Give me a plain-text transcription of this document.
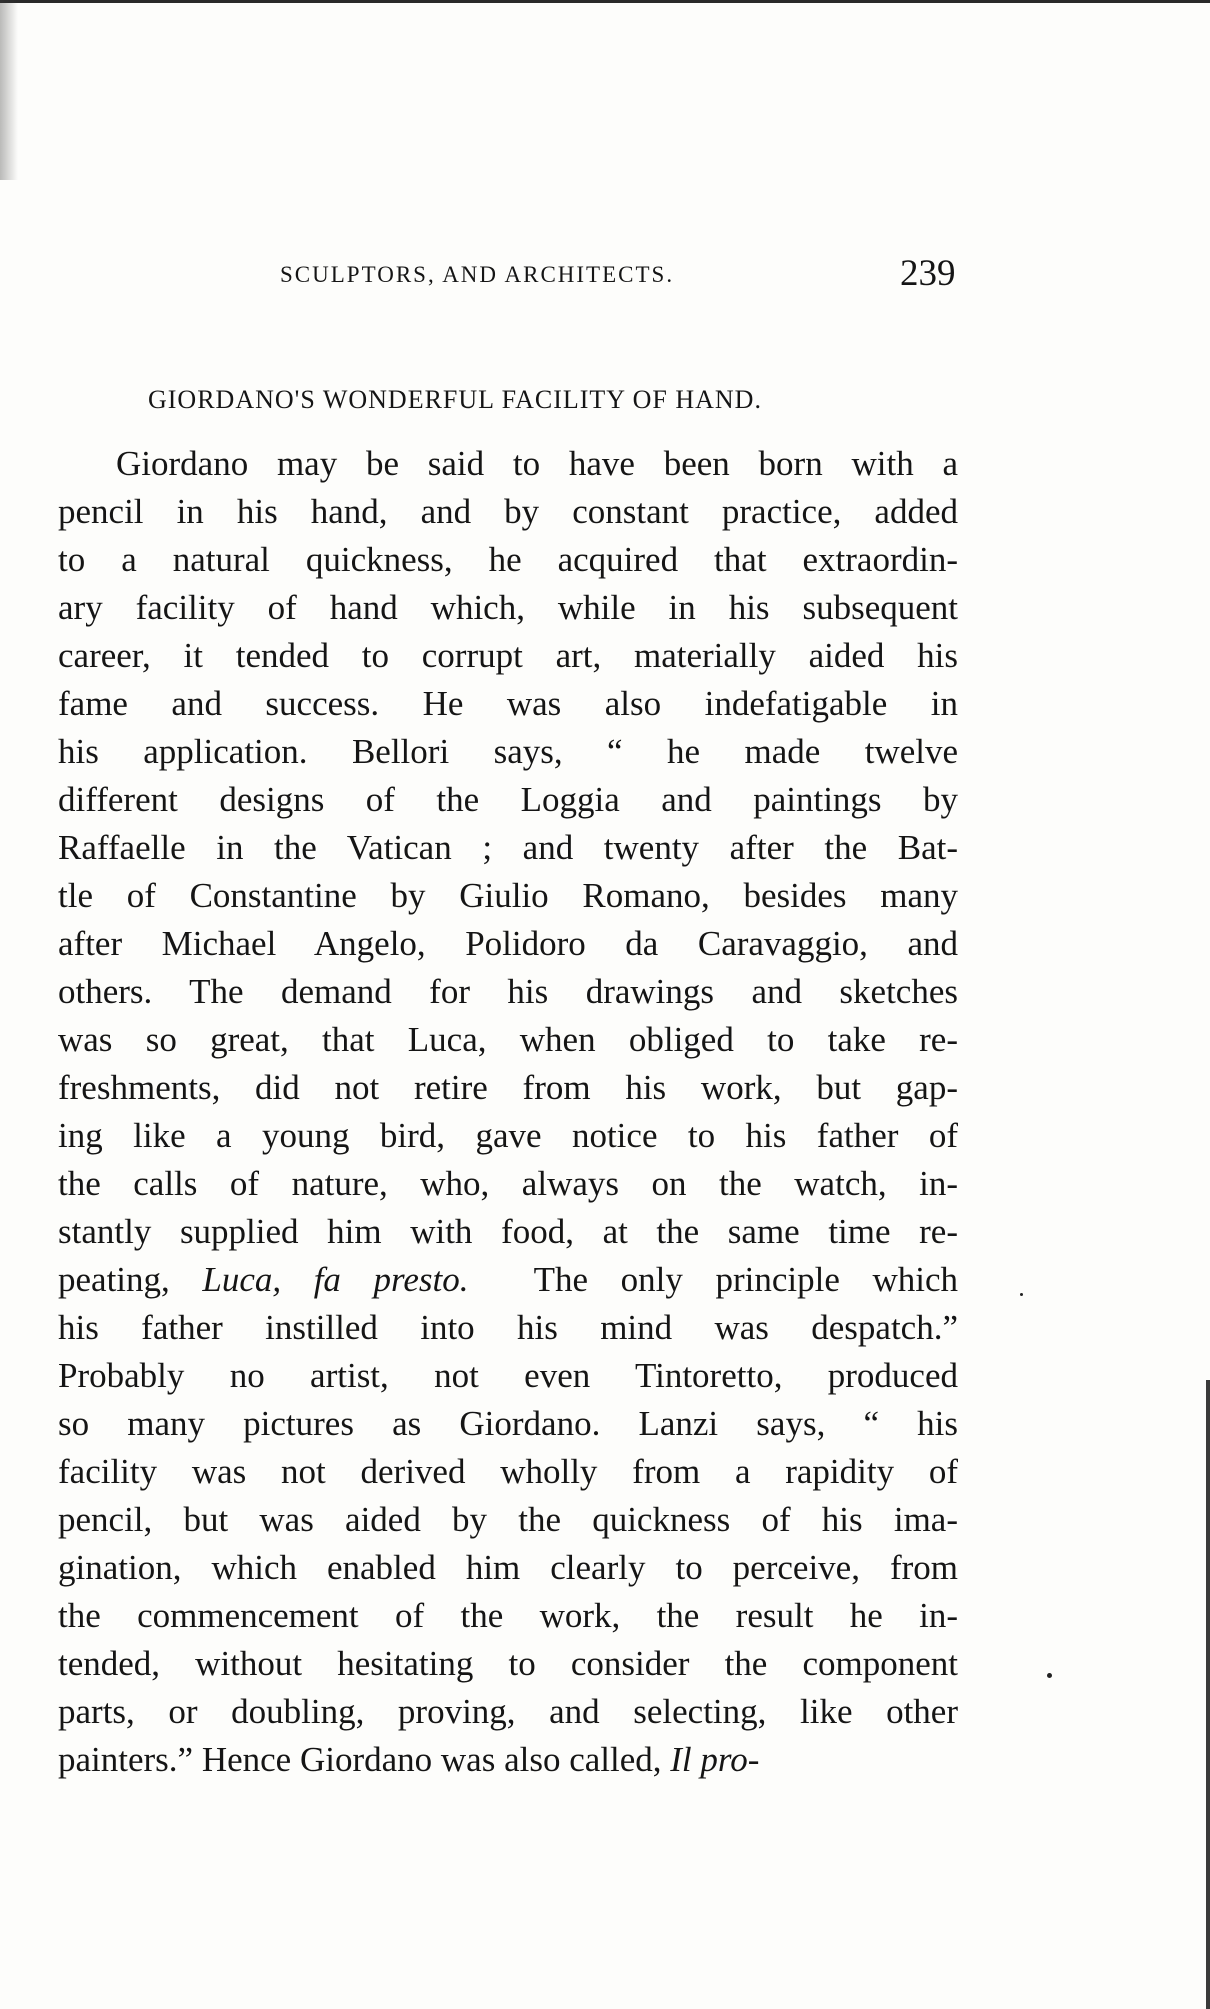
SCULPTORS, AND ARCHITECTS.	239
GIORDANO'S WONDERFUL FACILITY OF HAND.
Giordano may be said to have been born with a
pencil in his hand, and by constant practice, added
to a natural quickness, he acquired that extraordin-
ary facility of hand which, while in his subsequent
career, it tended to corrupt art, materially aided his
fame and success. He was also indefatigable in
his application. Bellori says, “ he made twelve
different designs of the Loggia and paintings by
Raffaelle in the Vatican ; and twenty after the Bat-
tle of Constantine by Giulio Romano, besides many
after Michael Angelo, Polidoro da Caravaggio, and
others. The demand for his drawings and sketches
was so great, that Luca, when obliged to take re-
freshments, did not retire from his work, but gap-
ing like a young bird, gave notice to his father of
the calls of nature, who, always on the watch, in-
stantly supplied him with food, at the same time re-
peating, Luca, fa presto. The only principle which
his father instilled into his mind was despatch.”
Probably no artist, not even Tintoretto, produced
so many pictures as Giordano. Lanzi says, “ his
facility was not derived wholly from a rapidity of
pencil, but was aided by the quickness of his ima-
gination, which enabled him clearly to perceive, from
the commencement of the work, the result he in-
tended, without hesitating to consider the component
parts, or doubling, proving, and selecting, like other
painters.” Hence Giordano was also called, Il pro-
